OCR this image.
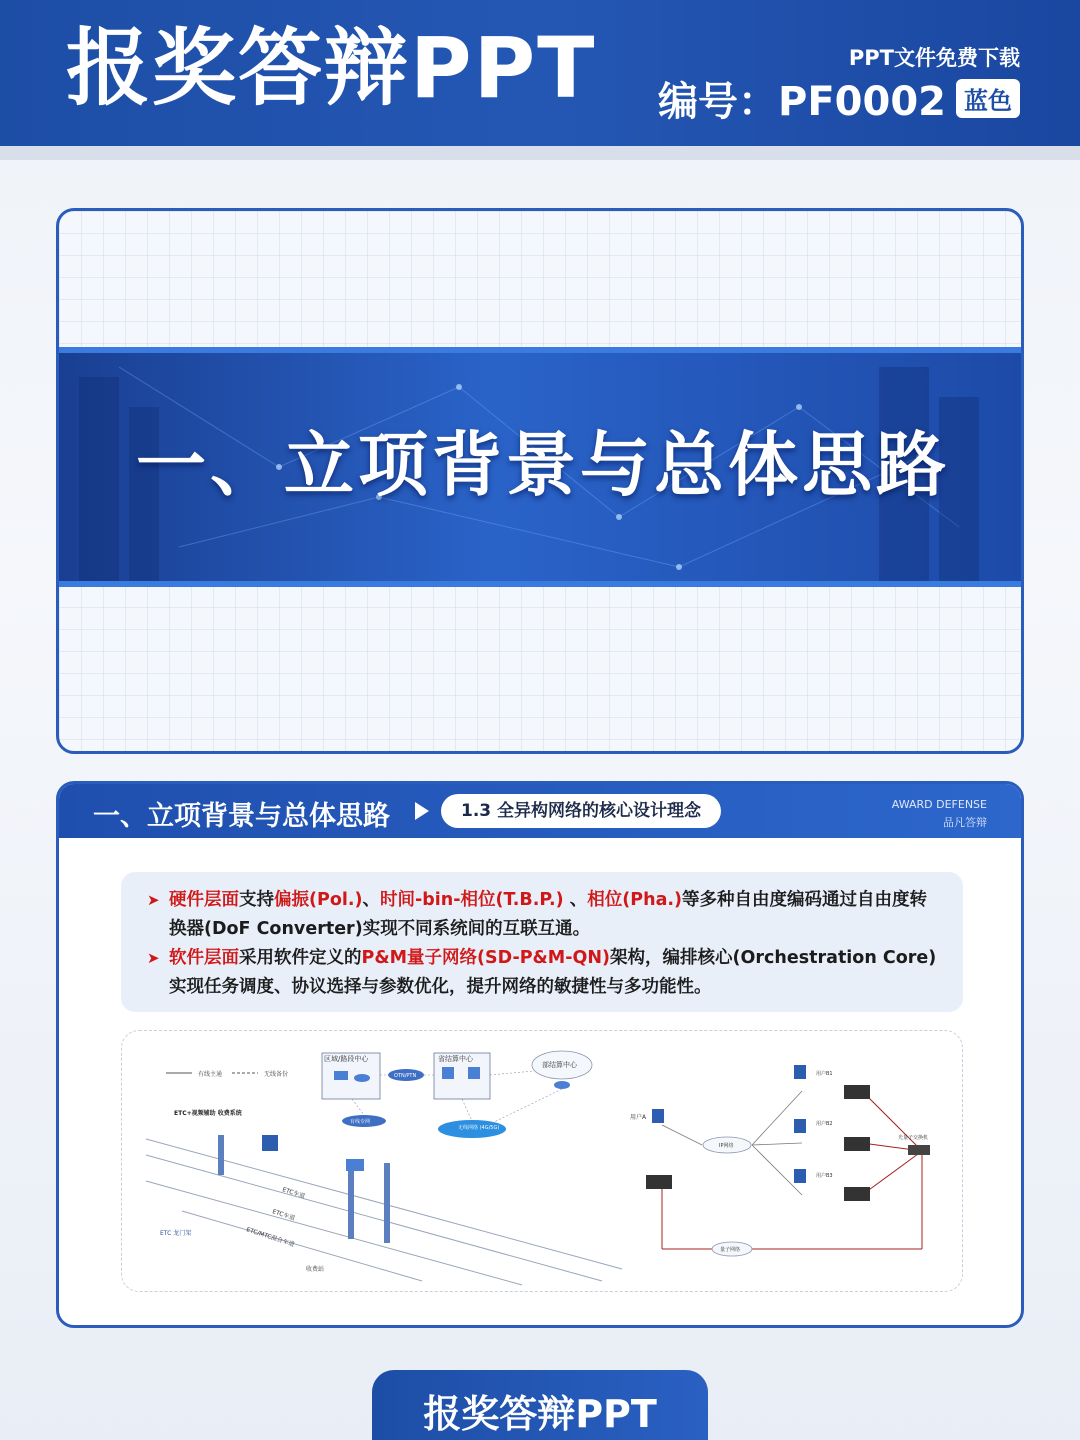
报奖答辩PPT	PPT文件免费下载
编号：PF0002 蓝色
一、立项背景与总体思路
一、立项背景与总体思路	1.3 全异构网络的核心设计理念	AWARD DEFENSE
品凡答辩
➤ 硬件层面支持偏振(Pol.)、时间-bin-相位(T.B.P.) 、相位(Pha.)等多种自由度编码通过自由度转换器(DoF Converter)实现不同系统间的互联互通。
➤ 软件层面采用软件定义的P&M量子网络(SD-P&M-QN)架构，编排核心(Orchestration Core)实现任务调度、协议选择与参数优化，提升网络的敏捷性与多功能性。
有线主通	无线备份
区域/路段中心
OTN/PTN
省结算中心
部结算中心
有线专网
无线网络 (4G/5G)
ETC+视频辅助 收费系统
ETC车道
ETC车道
ETC/MTC混合车道
收费站
ETC 龙门架
用户A
IP网络
用户B1
用户B2
用户B3
光量子交换机
量子网络
报奖答辩PPT
